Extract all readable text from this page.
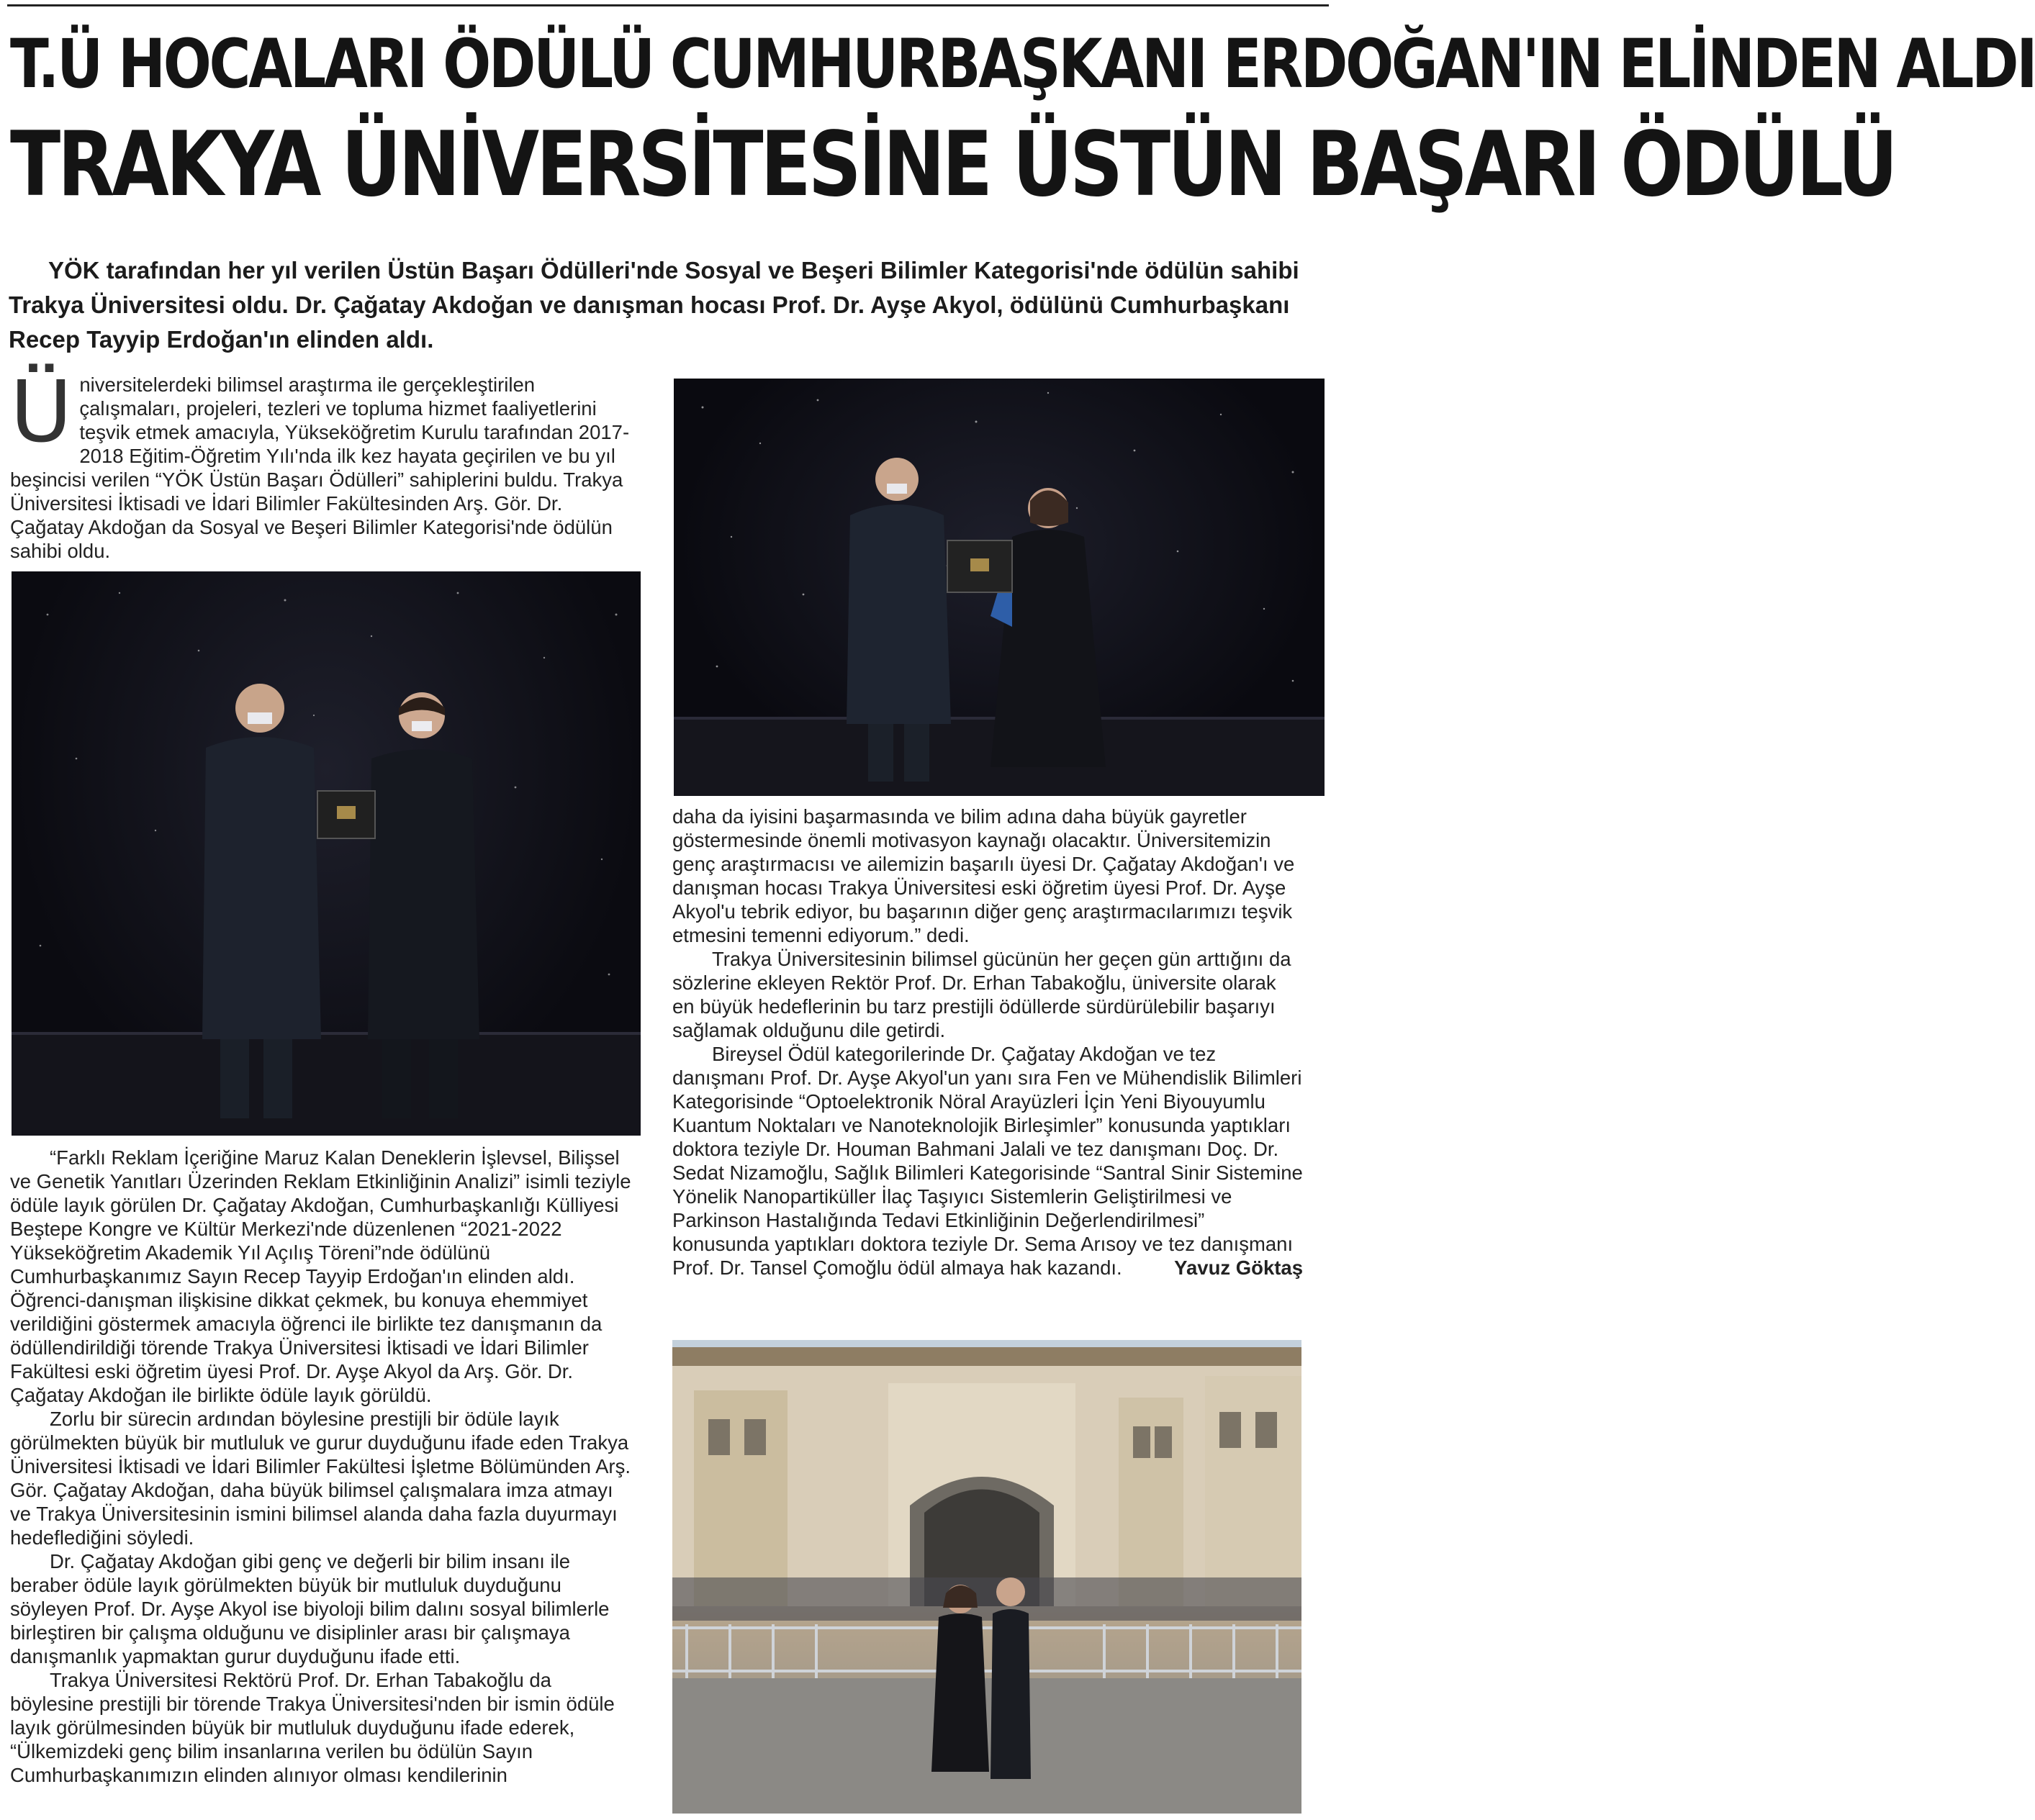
T.Ü HOCALARI ÖDÜLÜ CUMHURBAŞKANI ERDOĞAN'IN ELİNDEN ALDI
TRAKYA ÜNİVERSİTESİNE ÜSTÜN BAŞARI ÖDÜLÜ

YÖK tarafından her yıl verilen Üstün Başarı Ödülleri'nde Sosyal ve Beşeri Bilimler Kategorisi'nde ödülün sahibi Trakya Üniversitesi oldu. Dr. Çağatay Akdoğan ve danışman hocası Prof. Dr. Ayşe Akyol, ödülünü Cumhurbaşkanı Recep Tayyip Erdoğan'ın elinden aldı.

Üniversitelerdeki bilimsel araştırma ile gerçekleştirilen çalışmaları, projeleri, tezleri ve topluma hizmet faaliyetlerini teşvik etmek amacıyla, Yükseköğretim Kurulu tarafından 2017-2018 Eğitim-Öğretim Yılı'nda ilk kez hayata geçirilen ve bu yıl beşincisi verilen “YÖK Üstün Başarı Ödülleri” sahiplerini buldu. Trakya Üniversitesi İktisadi ve İdari Bilimler Fakültesinden Arş. Gör. Dr. Çağatay Akdoğan da Sosyal ve Beşeri Bilimler Kategorisi'nde ödülün sahibi oldu.

“Farklı Reklam İçeriğine Maruz Kalan Deneklerin İşlevsel, Bilişsel ve Genetik Yanıtları Üzerinden Reklam Etkinliğinin Analizi” isimli teziyle ödüle layık görülen Dr. Çağatay Akdoğan, Cumhurbaşkanlığı Külliyesi Beştepe Kongre ve Kültür Merkezi'nde düzenlenen “2021-2022 Yükseköğretim Akademik Yıl Açılış Töreni”nde ödülünü Cumhurbaşkanımız Sayın Recep Tayyip Erdoğan'ın elinden aldı. Öğrenci-danışman ilişkisine dikkat çekmek, bu konuya ehemmiyet verildiğini göstermek amacıyla öğrenci ile birlikte tez danışmanın da ödüllendirildiği törende Trakya Üniversitesi İktisadi ve İdari Bilimler Fakültesi eski öğretim üyesi Prof. Dr. Ayşe Akyol da Arş. Gör. Dr. Çağatay Akdoğan ile birlikte ödüle layık görüldü.

Zorlu bir sürecin ardından böylesine prestijli bir ödüle layık görülmekten büyük bir mutluluk ve gurur duyduğunu ifade eden Trakya Üniversitesi İktisadi ve İdari Bilimler Fakültesi İşletme Bölümünden Arş. Gör. Çağatay Akdoğan, daha büyük bilimsel çalışmalara imza atmayı ve Trakya Üniversitesinin ismini bilimsel alanda daha fazla duyurmayı hedeflediğini söyledi.

Dr. Çağatay Akdoğan gibi genç ve değerli bir bilim insanı ile beraber ödüle layık görülmekten büyük bir mutluluk duyduğunu söyleyen Prof. Dr. Ayşe Akyol ise biyoloji bilim dalını sosyal bilimlerle birleştiren bir çalışma olduğunu ve disiplinler arası bir çalışmaya danışmanlık yapmaktan gurur duyduğunu ifade etti.

Trakya Üniversitesi Rektörü Prof. Dr. Erhan Tabakoğlu da böylesine prestijli bir törende Trakya Üniversitesi'nden bir ismin ödüle layık görülmesinden büyük bir mutluluk duyduğunu ifade ederek, “Ülkemizdeki genç bilim insanlarına verilen bu ödülün Sayın Cumhurbaşkanımızın elinden alınıyor olması kendilerinin

daha da iyisini başarmasında ve bilim adına daha büyük gayretler göstermesinde önemli motivasyon kaynağı olacaktır. Üniversitemizin genç araştırmacısı ve ailemizin başarılı üyesi Dr. Çağatay Akdoğan'ı ve danışman hocası Trakya Üniversitesi eski öğretim üyesi Prof. Dr. Ayşe Akyol'u tebrik ediyor, bu başarının diğer genç araştırmacılarımızı teşvik etmesini temenni ediyorum.” dedi.

Trakya Üniversitesinin bilimsel gücünün her geçen gün arttığını da sözlerine ekleyen Rektör Prof. Dr. Erhan Tabakoğlu, üniversite olarak en büyük hedeflerinin bu tarz prestijli ödüllerde sürdürülebilir başarıyı sağlamak olduğunu dile getirdi.

Bireysel Ödül kategorilerinde Dr. Çağatay Akdoğan ve tez danışmanı Prof. Dr. Ayşe Akyol'un yanı sıra Fen ve Mühendislik Bilimleri Kategorisinde “Optoelektronik Nöral Arayüzleri İçin Yeni Biyouyumlu Kuantum Noktaları ve Nanoteknolojik Birleşimler” konusunda yaptıkları doktora teziyle Dr. Houman Bahmani Jalali ve tez danışmanı Doç. Dr. Sedat Nizamoğlu, Sağlık Bilimleri Kategorisinde “Santral Sinir Sistemine Yönelik Nanopartiküller İlaç Taşıyıcı Sistemlerin Geliştirilmesi ve Parkinson Hastalığında Tedavi Etkinliğinin Değerlendirilmesi” konusunda yaptıkları doktora teziyle Dr. Sema Arısoy ve tez danışmanı Prof. Dr. Tansel Çomoğlu ödül almaya hak kazandı.	Yavuz Göktaş
